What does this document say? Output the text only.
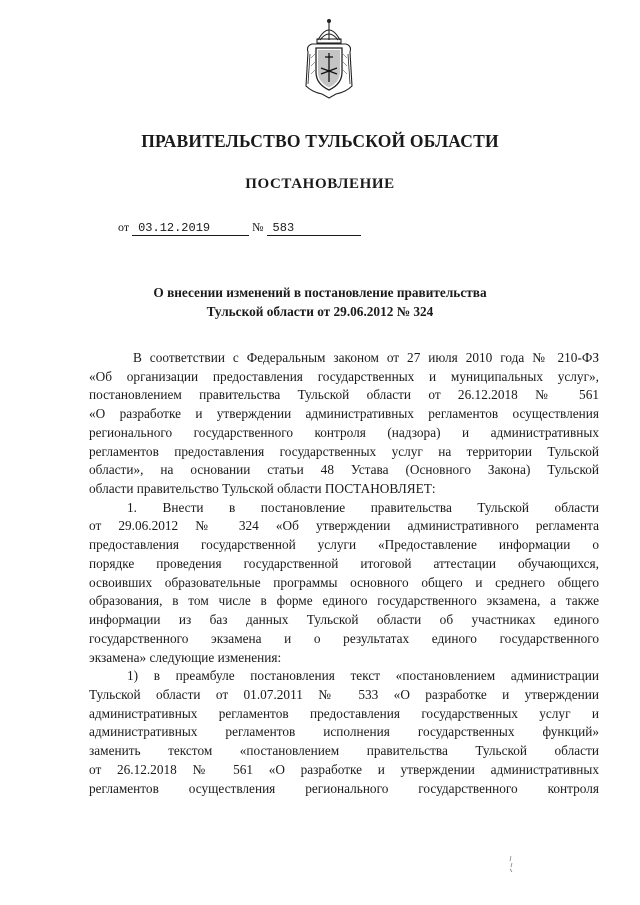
ПРАВИТЕЛЬСТВО ТУЛЬСКОЙ ОБЛАСТИ
ПОСТАНОВЛЕНИЕ
от 03.12.2019	№ 583
О внесении изменений в постановление правительства
Тульской области от 29.06.2012 № 324

В соответствии с Федеральным законом от 27 июля 2010 года № 210-ФЗ

«Об организации предоставления государственных и муниципальных услуг»,

постановлением правительства Тульской области от 26.12.2018 № 561

«О разработке и утверждении административных регламентов осуществления

регионального государственного контроля (надзора) и административных

регламентов предоставления государственных услуг на территории Тульской

области», на основании статьи 48 Устава (Основного Закона) Тульской

области правительство Тульской области ПОСТАНОВЛЯЕТ:

1. Внести в постановление правительства Тульской области

от 29.06.2012 № 324 «Об утверждении административного регламента

предоставления государственной услуги «Предоставление информации о

порядке проведения государственной итоговой аттестации обучающихся,

освоивших образовательные программы основного общего и среднего общего

образования, в том числе в форме единого государственного экзамена, а также

информации из баз данных Тульской области об участниках единого

государственного экзамена и о результатах единого государственного

экзамена» следующие изменения:

1) в преамбуле постановления текст «постановлением администрации

Тульской области от 01.07.2011 № 533 «О разработке и утверждении

административных регламентов предоставления государственных услуг и

административных регламентов исполнения государственных функций»

заменить текстом «постановлением правительства Тульской области

от 26.12.2018 № 561 «О разработке и утверждении административных

регламентов осуществления регионального государственного контроля
